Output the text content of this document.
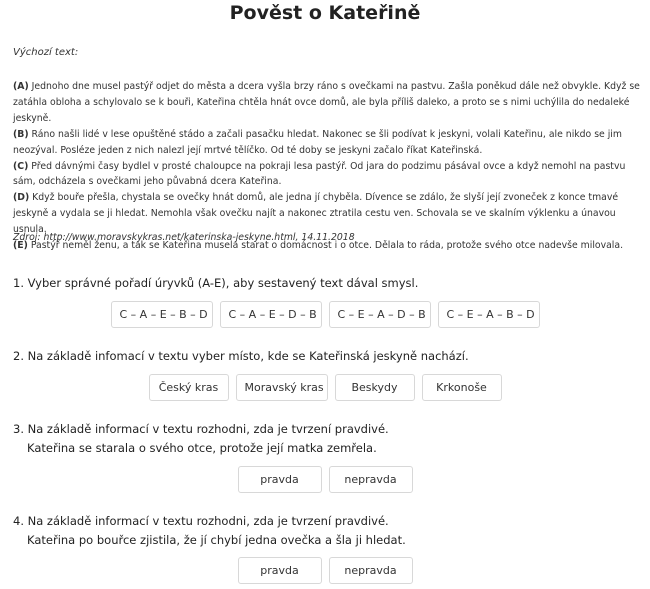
Pověst o Kateřině
Výchozí text:

(A) Jednoho dne musel pastýř odjet do města a dcera vyšla brzy ráno s ovečkami na pastvu. Zašla poněkud dále než obvykle. Když se zatáhla obloha a schylovalo se k bouři, Kateřina chtěla hnát ovce domů, ale byla příliš daleko, a proto se s nimi uchýlila do nedaleké jeskyně.

(B) Ráno našli lidé v lese opuštěné stádo a začali pasačku hledat. Nakonec se šli podívat k jeskyni, volali Kateřinu, ale nikdo se jim neozýval. Posléze jeden z nich nalezl její mrtvé tělíčko. Od té doby se jeskyni začalo říkat Kateřinská.

(C) Před dávnými časy bydlel v prosté chaloupce na pokraji lesa pastýř. Od jara do podzimu pásával ovce a když nemohl na pastvu sám, odcházela s ovečkami jeho půvabná dcera Kateřina.

(D) Když bouře přešla, chystala se ovečky hnát domů, ale jedna jí chyběla. Dívence se zdálo, že slyší její zvoneček z konce tmavé jeskyně a vydala se ji hledat. Nemohla však ovečku najít a nakonec ztratila cestu ven. Schovala se ve skalním výklenku a únavou usnula.

(E) Pastýř neměl ženu, a tak se Kateřina musela starat o domácnost i o otce. Dělala to ráda, protože svého otce nadevše milovala.

Zdroj: http://www.moravskykras.net/katerinska-jeskyne.html, 14.11.2018

1. Vyber správné pořadí úryvků (A-E), aby sestavený text dával smysl.

C – A – E – B – D	C – A – E – D – B	C – E – A – D – B	C – E – A – B – D

2. Na základě infomací v textu vyber místo, kde se Kateřinská jeskyně nachází.

Český kras	Moravský kras	Beskydy	Krkonoše

3. Na základě informací v textu rozhodni, zda je tvrzení pravdivé.

Kateřina se starala o svého otce, protože její matka zemřela.

pravda	nepravda

4. Na základě informací v textu rozhodni, zda je tvrzení pravdivé.

Kateřina po bouřce zjistila, že jí chybí jedna ovečka a šla ji hledat.

pravda	nepravda
